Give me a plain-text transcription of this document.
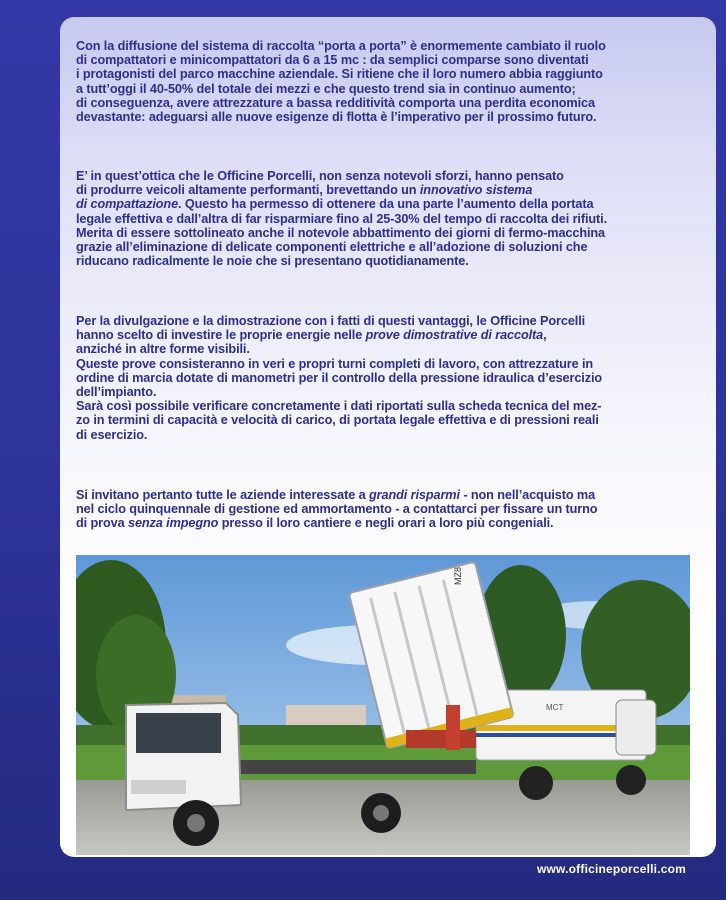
Con la diffusione del sistema di raccolta “porta a porta” è enormemente cambiato il ruolo
di compattatori e minicompattatori da 6 a 15 mc : da semplici comparse sono diventati
i protagonisti del parco macchine aziendale. Si ritiene che il loro numero abbia raggiunto
a tutt’oggi il 40-50% del totale dei mezzi e che questo trend sia in continuo aumento;
di conseguenza, avere attrezzature a bassa redditività comporta una perdita economica
devastante: adeguarsi alle nuove esigenze di flotta è l’imperativo per il prossimo futuro.
E’ in quest’ottica che le Officine Porcelli, non senza notevoli sforzi, hanno pensato
di produrre veicoli altamente performanti, brevettando un innovativo sistema
di compattazione. Questo ha permesso di ottenere da una parte l’aumento della portata
legale effettiva e dall’altra di far risparmiare fino al 25-30% del tempo di raccolta dei rifiuti.
Merita di essere sottolineato anche il notevole abbattimento dei giorni di fermo-macchina
grazie all’eliminazione di delicate componenti elettriche e all’adozione di soluzioni che
riducano radicalmente le noie che si presentano quotidianamente.
Per la divulgazione e la dimostrazione con i fatti di questi vantaggi, le Officine Porcelli
hanno scelto di investire le proprie energie nelle prove dimostrative di raccolta,
anziché in altre forme visibili.
Queste prove consisteranno in veri e propri turni completi di lavoro, con attrezzature in
ordine di marcia dotate di manometri per il controllo della pressione idraulica d’esercizio
dell’impianto.
Sarà così possibile verificare concretamente i dati riportati sulla scheda tecnica del mez-
zo in termini di capacità e velocità di carico, di portata legale effettiva e di pressioni reali
di esercizio.
Si invitano pertanto tutte le aziende interessate a grandi risparmi - non nell’acquisto ma
nel ciclo quinquennale di gestione ed ammortamento - a contattarci per fissare un turno
di prova senza impegno presso il loro cantiere e negli orari a loro più congeniali.
MCT
MZ8
www.officineporcelli.com
